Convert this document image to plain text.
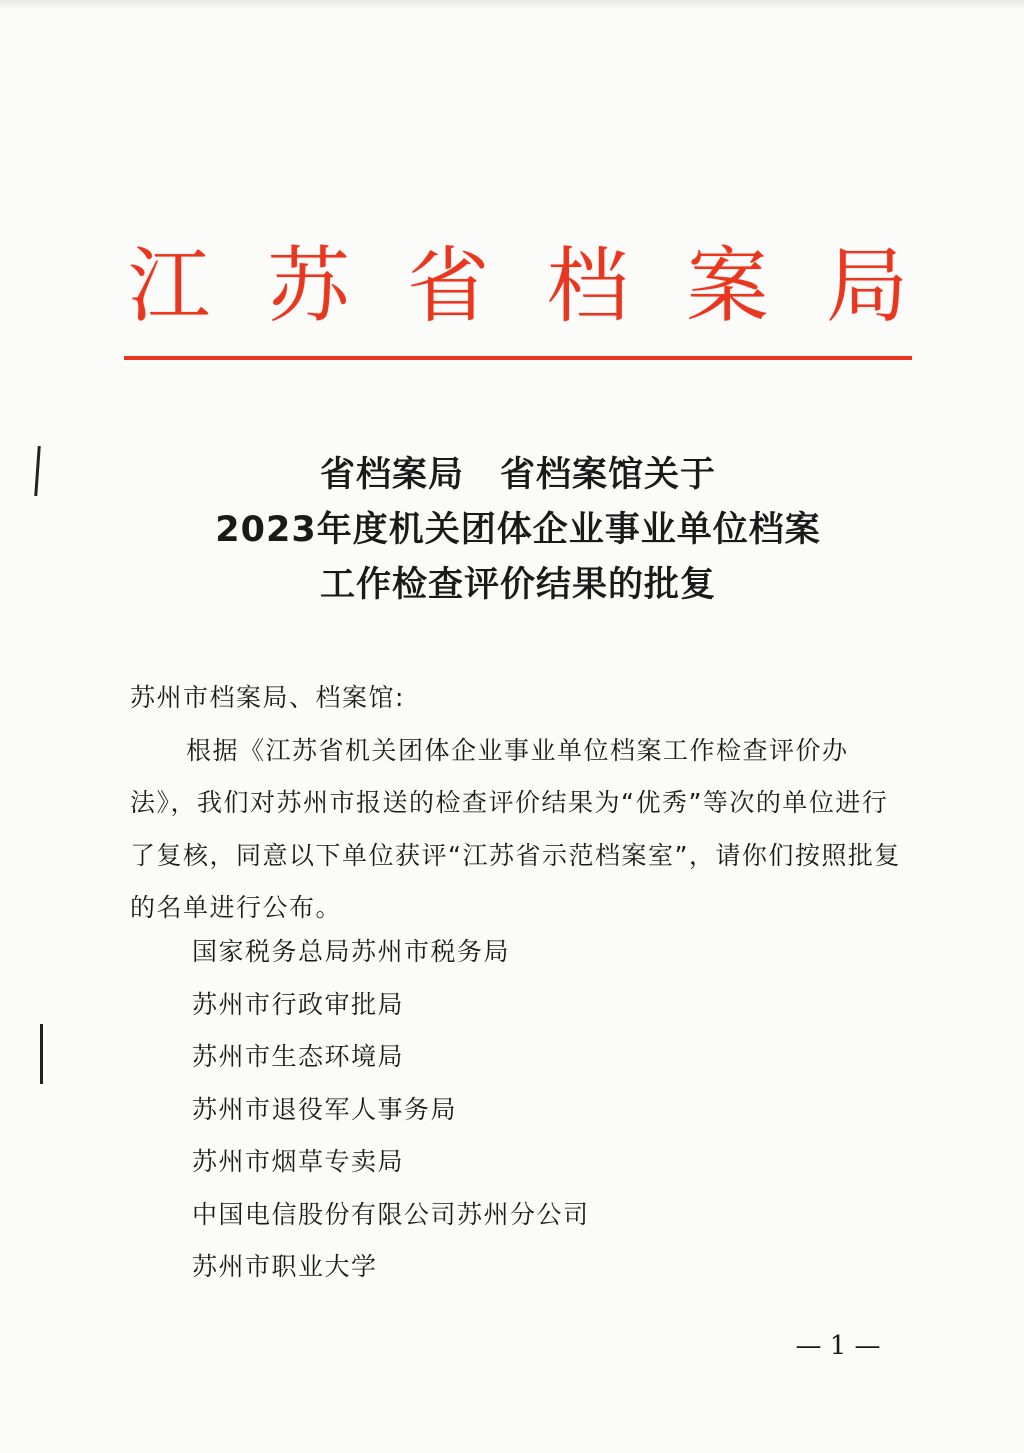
江 苏 省 档 案 局
省档案局　省档案馆关于
2023年度机关团体企业事业单位档案
工作检查评价结果的批复

苏州市档案局、档案馆:

根据《江苏省机关团体企业事业单位档案工作检查评价办法》，我们对苏州市报送的检查评价结果为“优秀”等次的单位进行了复核，同意以下单位获评“江苏省示范档案室”，请你们按照批复的名单进行公布。

国家税务总局苏州市税务局
苏州市行政审批局
苏州市生态环境局
苏州市退役军人事务局
苏州市烟草专卖局
中国电信股份有限公司苏州分公司
苏州市职业大学
— 1 —
